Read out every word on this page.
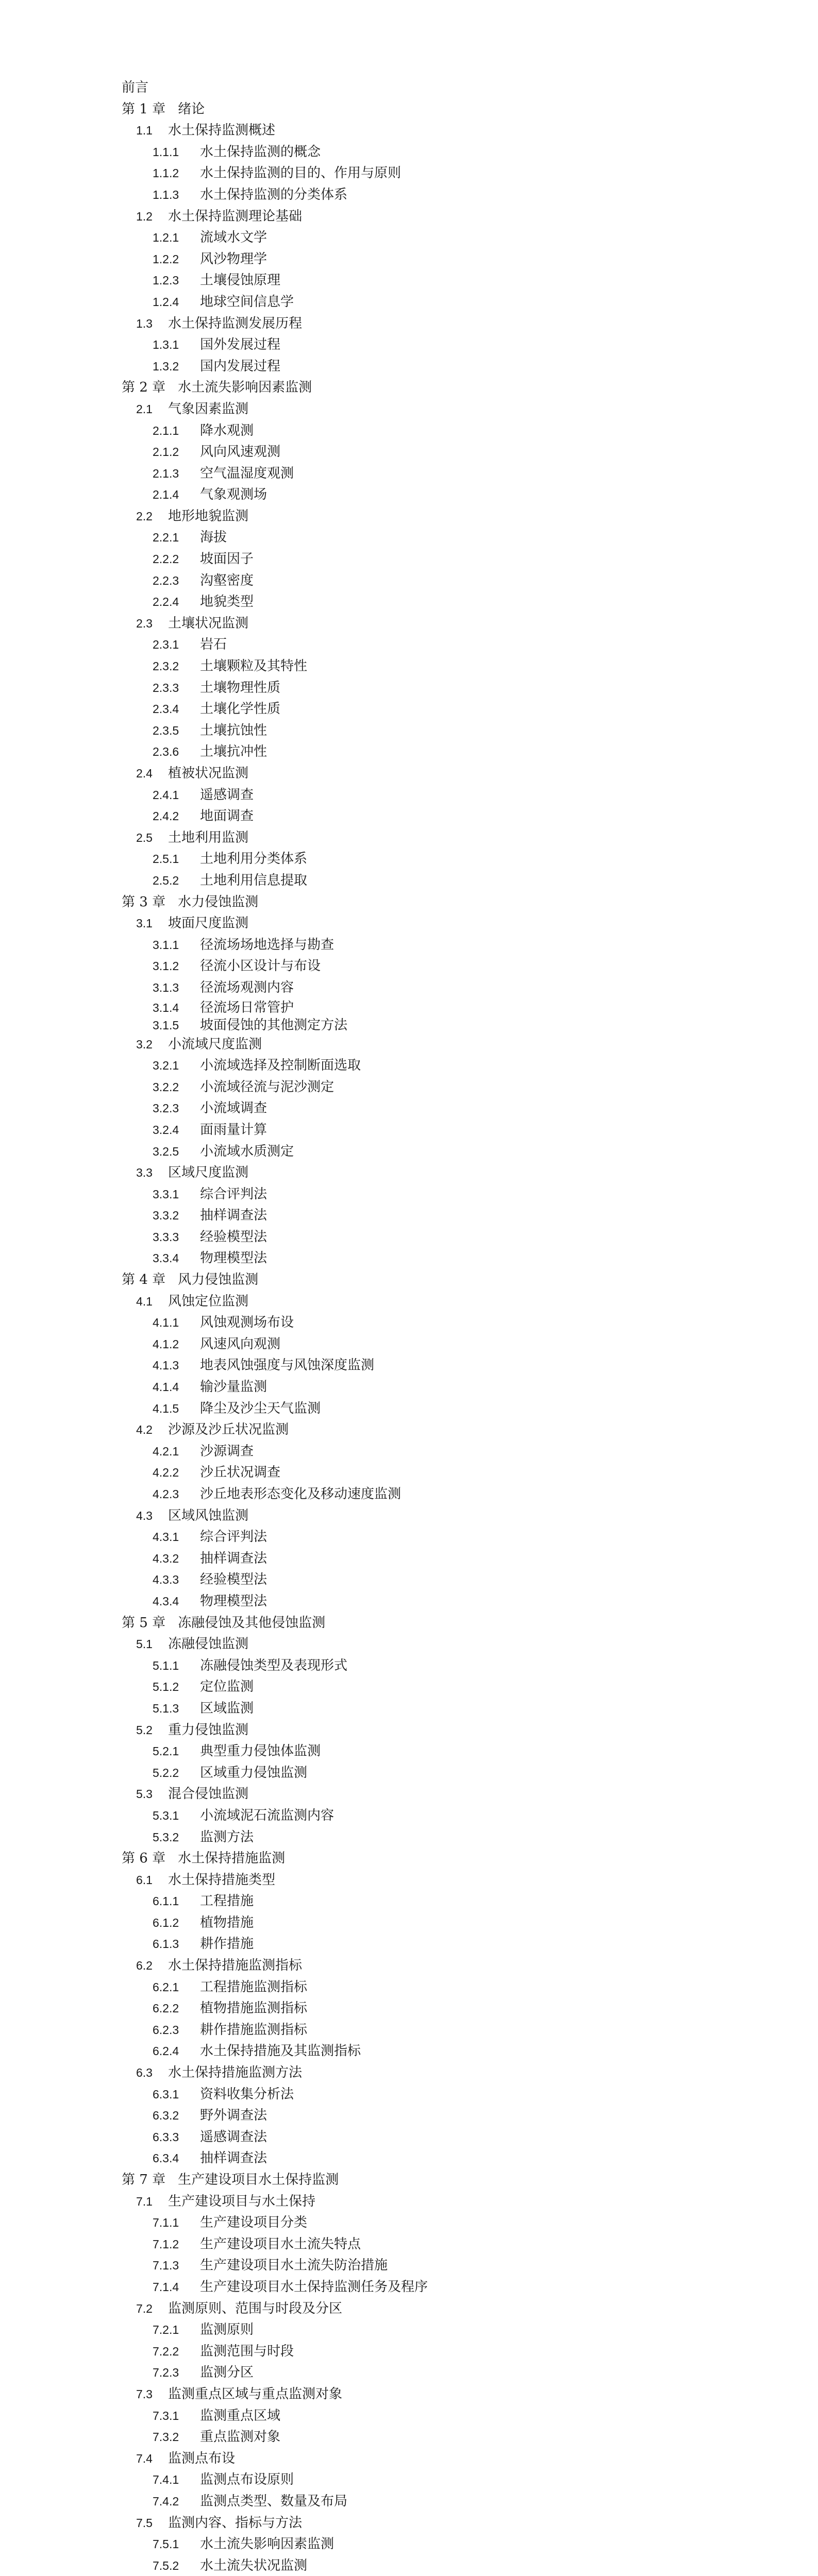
前言
第 1 章 绪论
1.1 水土保持监测概述
1.1.1 水土保持监测的概念
1.1.2 水土保持监测的目的、作用与原则
1.1.3 水土保持监测的分类体系
1.2 水土保持监测理论基础
1.2.1 流域水文学
1.2.2 风沙物理学
1.2.3 土壤侵蚀原理
1.2.4 地球空间信息学
1.3 水土保持监测发展历程
1.3.1 国外发展过程
1.3.2 国内发展过程
第 2 章 水土流失影响因素监测
2.1 气象因素监测
2.1.1 降水观测
2.1.2 风向风速观测
2.1.3 空气温湿度观测
2.1.4 气象观测场
2.2 地形地貌监测
2.2.1 海拔
2.2.2 坡面因子
2.2.3 沟壑密度
2.2.4 地貌类型
2.3 土壤状况监测
2.3.1 岩石
2.3.2 土壤颗粒及其特性
2.3.3 土壤物理性质
2.3.4 土壤化学性质
2.3.5 土壤抗蚀性
2.3.6 土壤抗冲性
2.4 植被状况监测
2.4.1 遥感调查
2.4.2 地面调查
2.5 土地利用监测
2.5.1 土地利用分类体系
2.5.2 土地利用信息提取
第 3 章 水力侵蚀监测
3.1 坡面尺度监测
3.1.1 径流场场地选择与勘查
3.1.2 径流小区设计与布设
3.1.3 径流场观测内容
3.1.4 径流场日常管护
3.1.5 坡面侵蚀的其他测定方法
3.2 小流域尺度监测
3.2.1 小流域选择及控制断面选取
3.2.2 小流域径流与泥沙测定
3.2.3 小流域调查
3.2.4 面雨量计算
3.2.5 小流域水质测定
3.3 区域尺度监测
3.3.1 综合评判法
3.3.2 抽样调查法
3.3.3 经验模型法
3.3.4 物理模型法
第 4 章 风力侵蚀监测
4.1 风蚀定位监测
4.1.1 风蚀观测场布设
4.1.2 风速风向观测
4.1.3 地表风蚀强度与风蚀深度监测
4.1.4 输沙量监测
4.1.5 降尘及沙尘天气监测
4.2 沙源及沙丘状况监测
4.2.1 沙源调查
4.2.2 沙丘状况调查
4.2.3 沙丘地表形态变化及移动速度监测
4.3 区域风蚀监测
4.3.1 综合评判法
4.3.2 抽样调查法
4.3.3 经验模型法
4.3.4 物理模型法
第 5 章 冻融侵蚀及其他侵蚀监测
5.1 冻融侵蚀监测
5.1.1 冻融侵蚀类型及表现形式
5.1.2 定位监测
5.1.3 区域监测
5.2 重力侵蚀监测
5.2.1 典型重力侵蚀体监测
5.2.2 区域重力侵蚀监测
5.3 混合侵蚀监测
5.3.1 小流域泥石流监测内容
5.3.2 监测方法
第 6 章 水土保持措施监测
6.1 水土保持措施类型
6.1.1 工程措施
6.1.2 植物措施
6.1.3 耕作措施
6.2 水土保持措施监测指标
6.2.1 工程措施监测指标
6.2.2 植物措施监测指标
6.2.3 耕作措施监测指标
6.2.4 水土保持措施及其监测指标
6.3 水土保持措施监测方法
6.3.1 资料收集分析法
6.3.2 野外调查法
6.3.3 遥感调查法
6.3.4 抽样调查法
第 7 章 生产建设项目水土保持监测
7.1 生产建设项目与水土保持
7.1.1 生产建设项目分类
7.1.2 生产建设项目水土流失特点
7.1.3 生产建设项目水土流失防治措施
7.1.4 生产建设项目水土保持监测任务及程序
7.2 监测原则、范围与时段及分区
7.2.1 监测原则
7.2.2 监测范围与时段
7.2.3 监测分区
7.3 监测重点区域与重点监测对象
7.3.1 监测重点区域
7.3.2 重点监测对象
7.4 监测点布设
7.4.1 监测点布设原则
7.4.2 监测点类型、数量及布局
7.5 监测内容、指标与方法
7.5.1 水土流失影响因素监测
7.5.2 水土流失状况监测
